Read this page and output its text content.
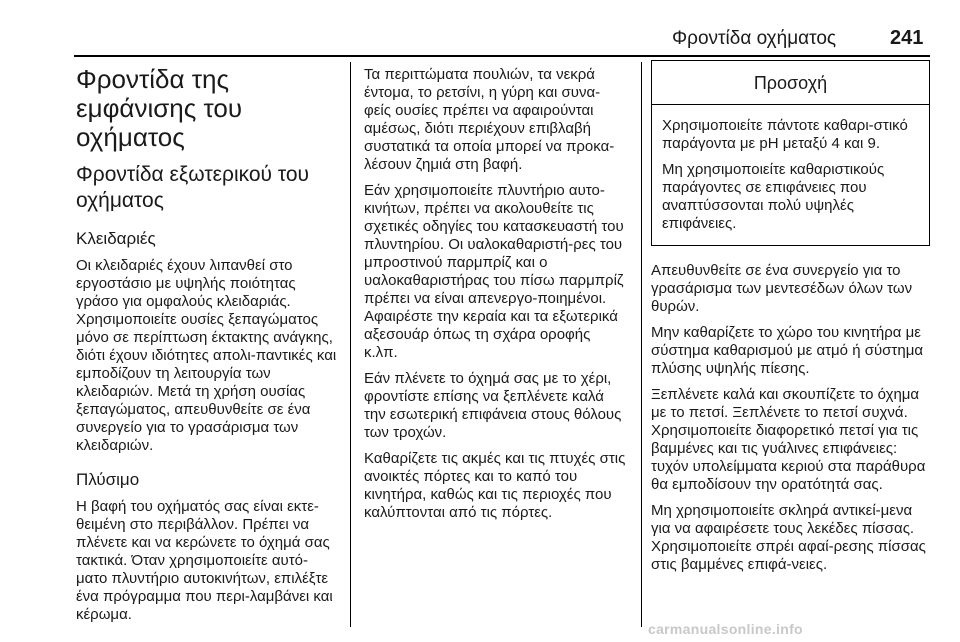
Φροντίδα οχήματος	241
Φροντίδα της εμφάνισης του οχήματος
Φροντίδα εξωτερικού του οχήματος
Κλειδαριές
Οι κλειδαριές έχουν λιπανθεί στο εργοστάσιο με υψηλής ποιότητας γράσο για ομφαλούς κλειδαριάς. Χρησιμοποιείτε ουσίες ξεπαγώματος μόνο σε περίπτωση έκτακτης ανάγκης, διότι έχουν ιδιότητες απολι-παντικές και εμποδίζουν τη λειτουργία των κλειδαριών. Μετά τη χρήση ουσίας ξεπαγώματος, απευθυνθείτε σε ένα συνεργείο για το γρασάρισμα των κλειδαριών.
Πλύσιμο
Η βαφή του οχήματός σας είναι εκτε-θειμένη στο περιβάλλον. Πρέπει να πλένετε και να κερώνετε το όχημά σας τακτικά. Όταν χρησιμοποιείτε αυτό-ματο πλυντήριο αυτοκινήτων, επιλέξτε ένα πρόγραμμα που περι-λαμβάνει και κέρωμα.
Τα περιττώματα πουλιών, τα νεκρά έντομα, το ρετσίνι, η γύρη και συνα-φείς ουσίες πρέπει να αφαιρούνται αμέσως, διότι περιέχουν επιβλαβή συστατικά τα οποία μπορεί να προκα-λέσουν ζημιά στη βαφή.
Εάν χρησιμοποιείτε πλυντήριο αυτο-κινήτων, πρέπει να ακολουθείτε τις σχετικές οδηγίες του κατασκευαστή του πλυντηρίου. Οι υαλοκαθαριστή-ρες του μπροστινού παρμπρίζ και ο υαλοκαθαριστήρας του πίσω παρμπρίζ πρέπει να είναι απενεργο-ποιημένοι. Αφαιρέστε την κεραία και τα εξωτερικά αξεσουάρ όπως τη σχάρα οροφής κ.λπ.
Εάν πλένετε το όχημά σας με το χέρι, φροντίστε επίσης να ξεπλένετε καλά την εσωτερική επιφάνεια στους θόλους των τροχών.
Καθαρίζετε τις ακμές και τις πτυχές στις ανοικτές πόρτες και το καπό του κινητήρα, καθώς και τις περιοχές που καλύπτονται από τις πόρτες.
Προσοχή
Χρησιμοποιείτε πάντοτε καθαρι-στικό παράγοντα με pH μεταξύ 4 και 9.
Μη χρησιμοποιείτε καθαριστικούς παράγοντες σε επιφάνειες που αναπτύσσονται πολύ υψηλές επιφάνειες.
Απευθυνθείτε σε ένα συνεργείο για το γρασάρισμα των μεντεσέδων όλων των θυρών.
Μην καθαρίζετε το χώρο του κινητήρα με σύστημα καθαρισμού με ατμό ή σύστημα πλύσης υψηλής πίεσης.
Ξεπλένετε καλά και σκουπίζετε το όχημα με το πετσί. Ξεπλένετε το πετσί συχνά. Χρησιμοποιείτε διαφορετικό πετσί για τις βαμμένες και τις γυάλινες επιφάνειες: τυχόν υπολείμματα κεριού στα παράθυρα θα εμποδίσουν την ορατότητά σας.
Μη χρησιμοποιείτε σκληρά αντικεί-μενα για να αφαιρέσετε τους λεκέδες πίσσας. Χρησιμοποιείτε σπρέι αφαί-ρεσης πίσσας στις βαμμένες επιφά-νειες.
carmanualsonline.info
